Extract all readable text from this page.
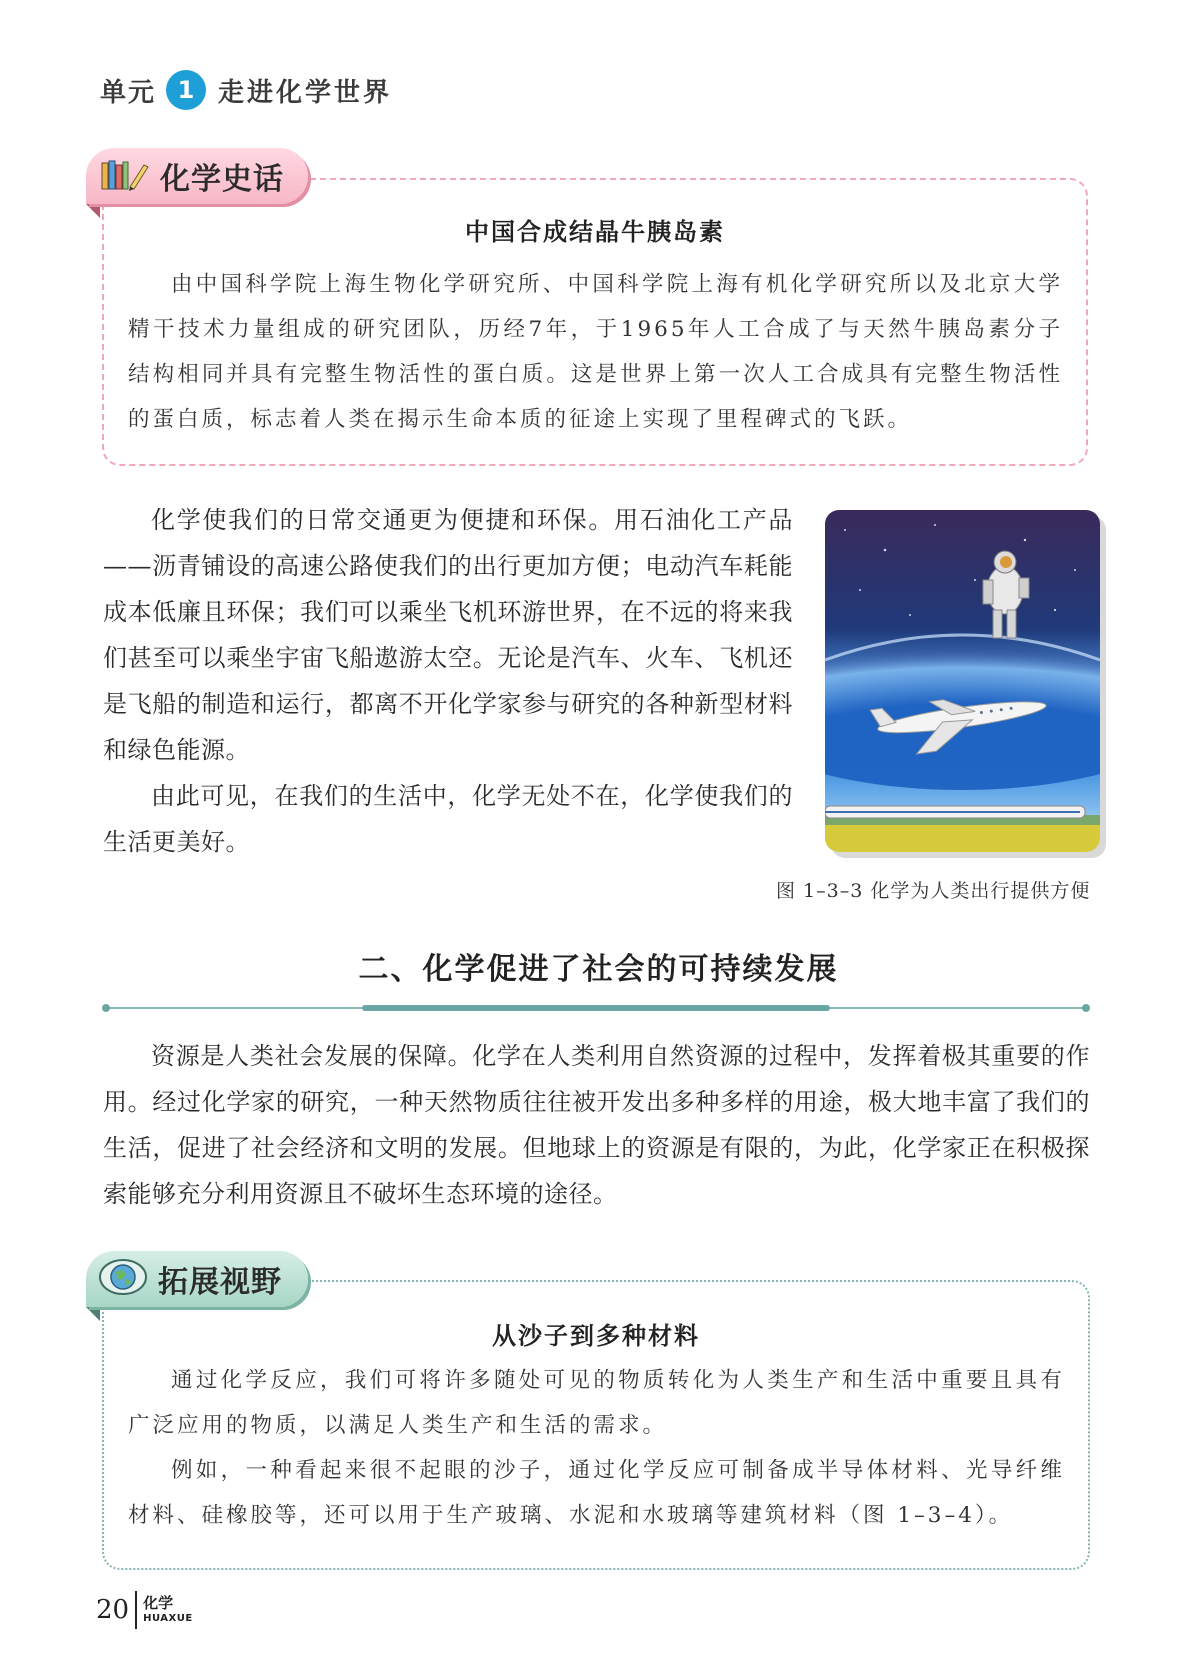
单元 1 走进化学世界
化学史话
中国合成结晶牛胰岛素

由中国科学院上海生物化学研究所、中国科学院上海有机化学研究所以及北京大学精干技术力量组成的研究团队，历经7年，于1965年人工合成了与天然牛胰岛素分子结构相同并具有完整生物活性的蛋白质。这是世界上第一次人工合成具有完整生物活性的蛋白质，标志着人类在揭示生命本质的征途上实现了里程碑式的飞跃。

化学使我们的日常交通更为便捷和环保。用石油化工产品——沥青铺设的高速公路使我们的出行更加方便；电动汽车耗能成本低廉且环保；我们可以乘坐飞机环游世界，在不远的将来我们甚至可以乘坐宇宙飞船遨游太空。无论是汽车、火车、飞机还是飞船的制造和运行，都离不开化学家参与研究的各种新型材料和绿色能源。

由此可见，在我们的生活中，化学无处不在，化学使我们的生活更美好。

图 1–3–3 化学为人类出行提供方便
二、化学促进了社会的可持续发展

资源是人类社会发展的保障。化学在人类利用自然资源的过程中，发挥着极其重要的作用。经过化学家的研究，一种天然物质往往被开发出多种多样的用途，极大地丰富了我们的生活，促进了社会经济和文明的发展。但地球上的资源是有限的，为此，化学家正在积极探索能够充分利用资源且不破坏生态环境的途径。

拓展视野
从沙子到多种材料

通过化学反应，我们可将许多随处可见的物质转化为人类生产和生活中重要且具有广泛应用的物质，以满足人类生产和生活的需求。

例如，一种看起来很不起眼的沙子，通过化学反应可制备成半导体材料、光导纤维材料、硅橡胶等，还可以用于生产玻璃、水泥和水玻璃等建筑材料（图 1–3–4）。

20 化学
HUAXUE
